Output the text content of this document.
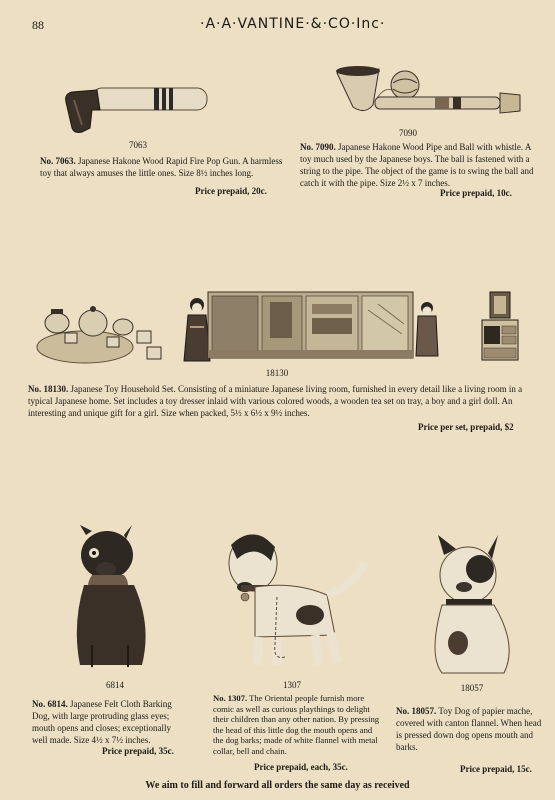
88	·A·A·VANTINE·&·CO·Inc·
7063
No. 7063. Japanese Hakone Wood Rapid Fire Pop Gun. A harmless toy that always amuses the little ones. Size 8½ inches long.
Price prepaid, 20c.
7090
No. 7090. Japanese Hakone Wood Pipe and Ball with whistle. A toy much used by the Japanese boys. The ball is fastened with a string to the pipe. The object of the game is to swing the ball and catch it with the pipe. Size 2½ x 7 inches.
Price prepaid, 10c.
18130
No. 18130. Japanese Toy Household Set. Consisting of a miniature Japanese living room, furnished in every detail like a living room in a typical Japanese home. Set includes a toy dresser inlaid with various colored woods, a wooden tea set on tray, a boy and a girl doll. An interesting and unique gift for a girl. Size when packed, 5½ x 6½ x 9½ inches.
Price per set, prepaid, $2
6814
No. 6814. Japanese Felt Cloth Barking Dog, with large protruding glass eyes; mouth opens and closes; exceptionally well made. Size 4½ x 7½ inches.
Price prepaid, 35c.
1307
No. 1307. The Oriental people furnish more comic as well as curious playthings to delight their children than any other nation. By pressing the head of this little dog the mouth opens and the dog barks; made of white flannel with metal collar, bell and chain.
Price prepaid, each, 35c.
18057
No. 18057. Toy Dog of papier mache, covered with canton flannel. When head is pressed down dog opens mouth and barks.
Price prepaid, 15c.
We aim to fill and forward all orders the same day as received
